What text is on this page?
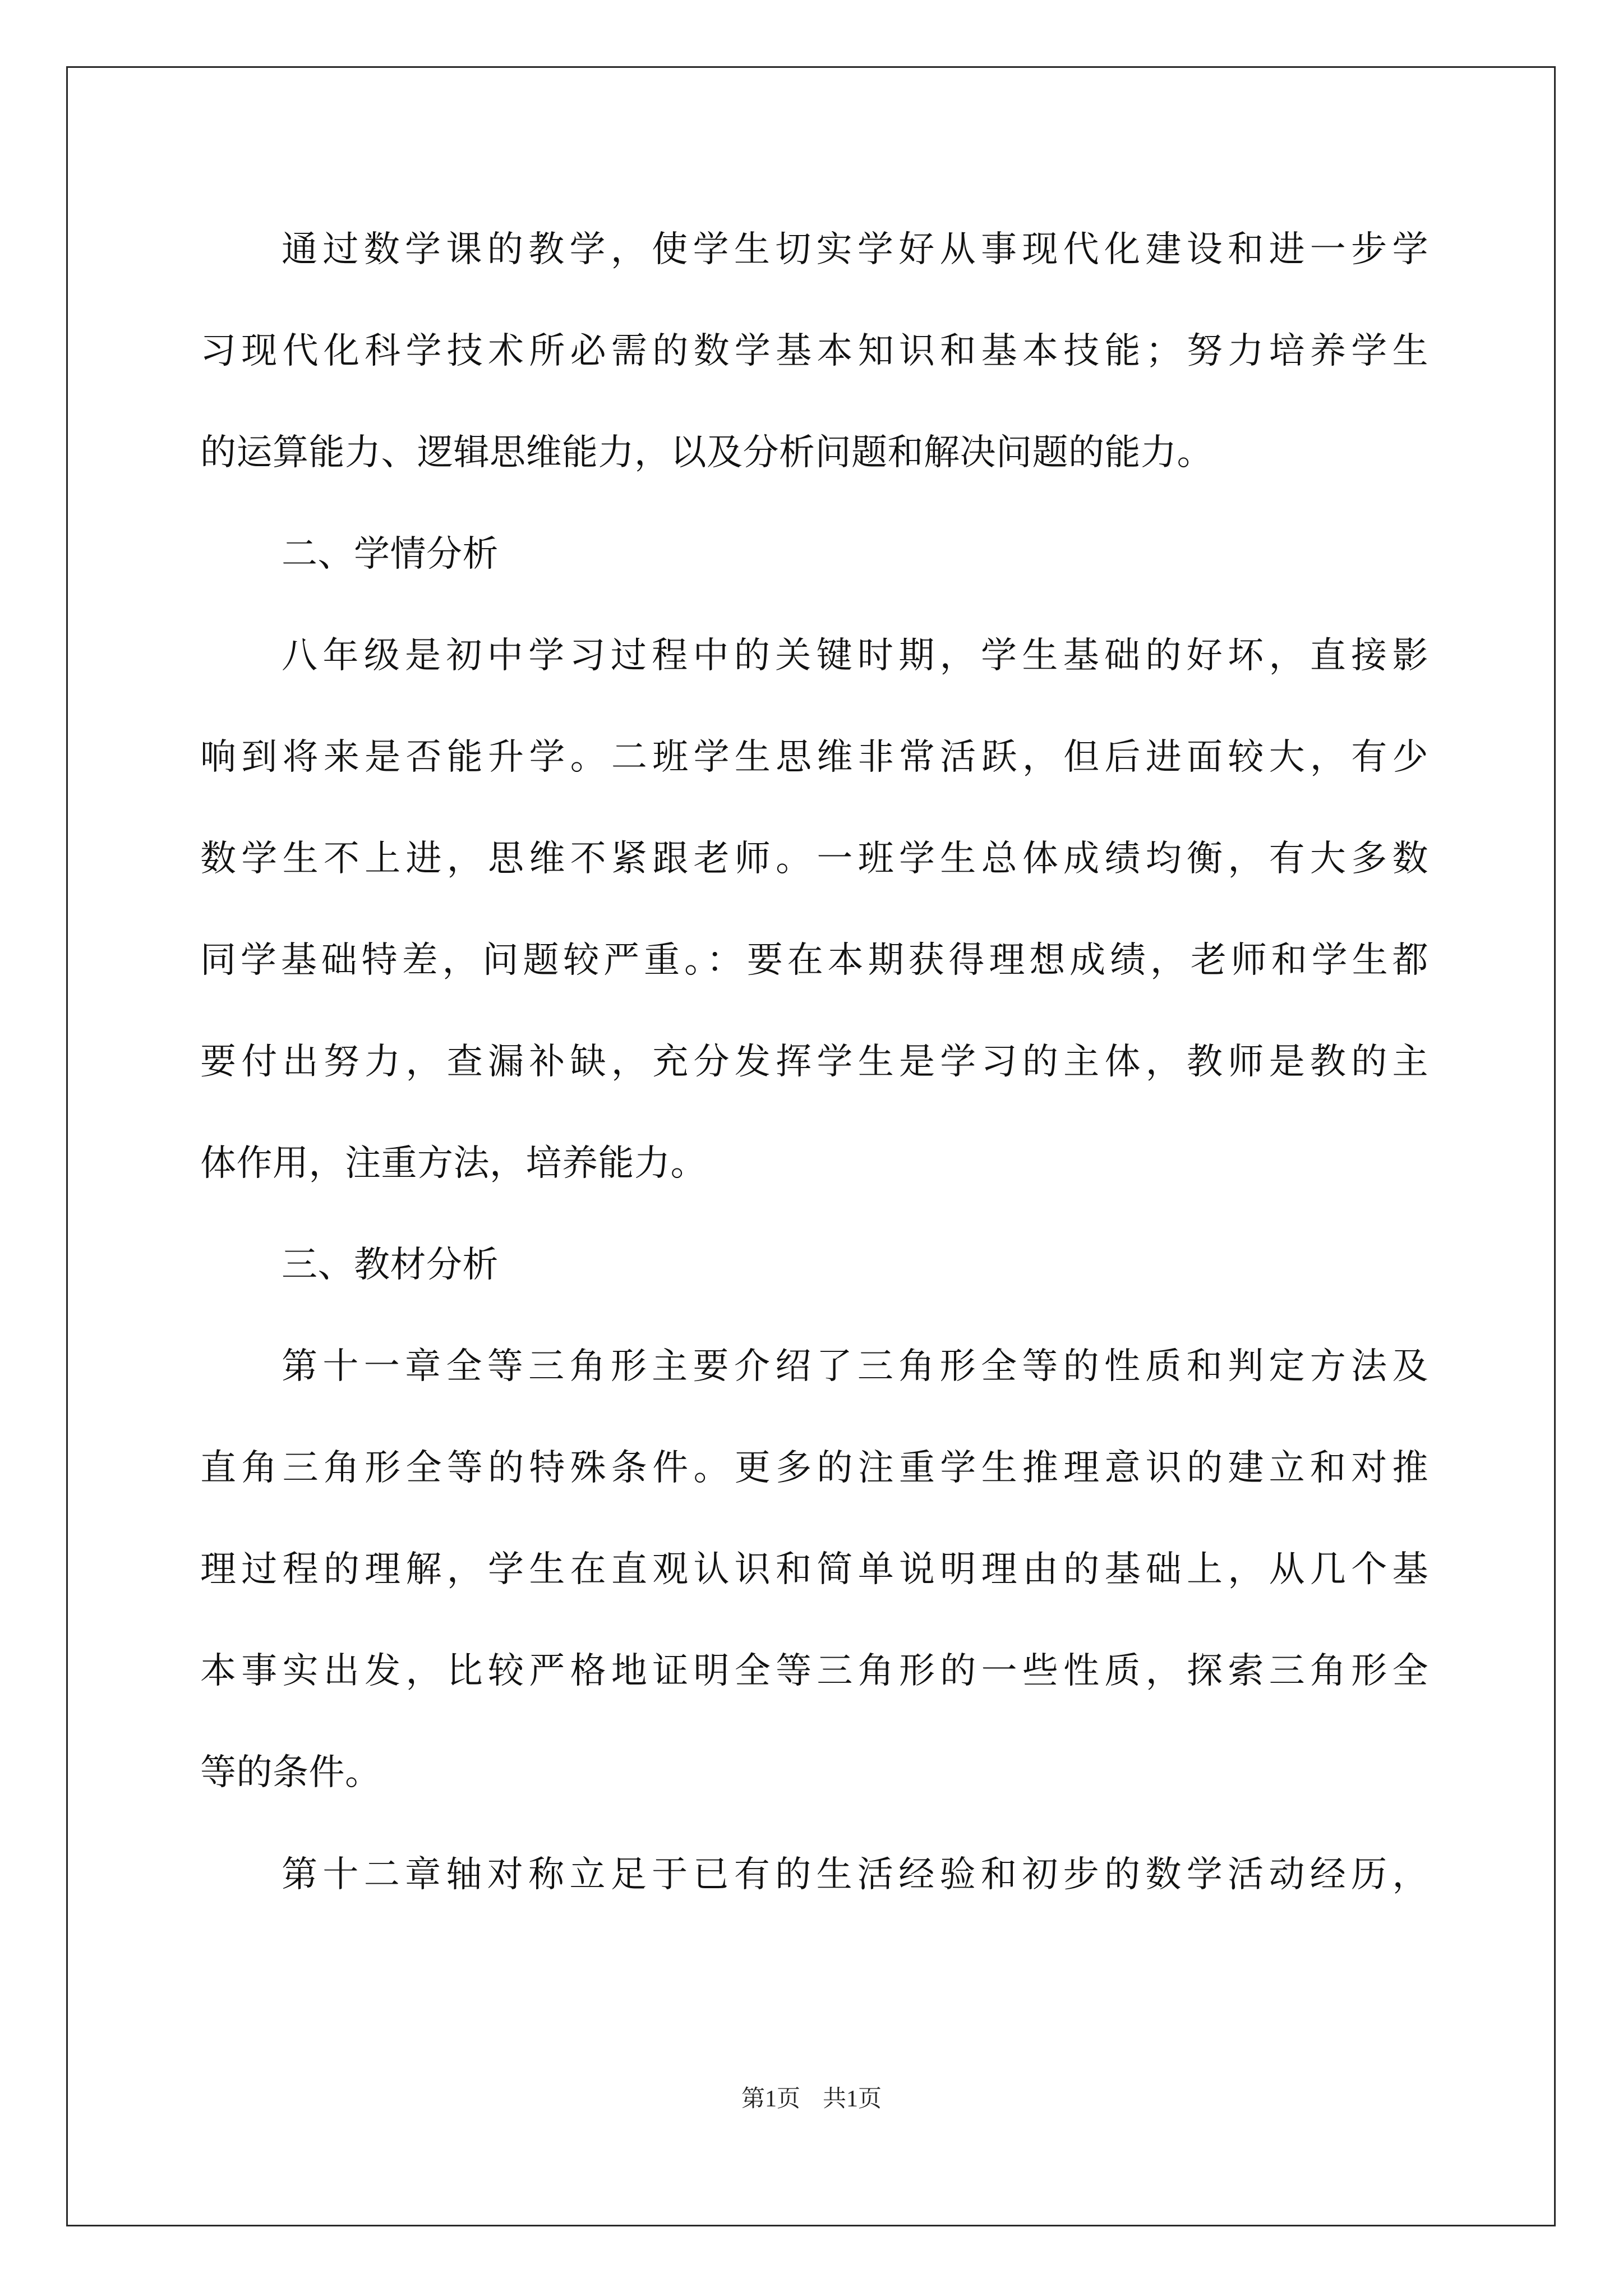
通过数学课的教学，使学生切实学好从事现代化建设和进一步学
习现代化科学技术所必需的数学基本知识和基本技能；努力培养学生
的运算能力、逻辑思维能力，以及分析问题和解决问题的能力。
二、学情分析
八年级是初中学习过程中的关键时期，学生基础的好坏，直接影
响到将来是否能升学。二班学生思维非常活跃，但后进面较大，有少
数学生不上进，思维不紧跟老师。一班学生总体成绩均衡，有大多数
同学基础特差，问题较严重。：要在本期获得理想成绩，老师和学生都
要付出努力，查漏补缺，充分发挥学生是学习的主体，教师是教的主
体作用，注重方法，培养能力。
三、教材分析
第十一章全等三角形主要介绍了三角形全等的性质和判定方法及
直角三角形全等的特殊条件。更多的注重学生推理意识的建立和对推
理过程的理解，学生在直观认识和简单说明理由的基础上，从几个基
本事实出发，比较严格地证明全等三角形的一些性质，探索三角形全
等的条件。
第十二章轴对称立足于已有的生活经验和初步的数学活动经历，
第1页 共1页
